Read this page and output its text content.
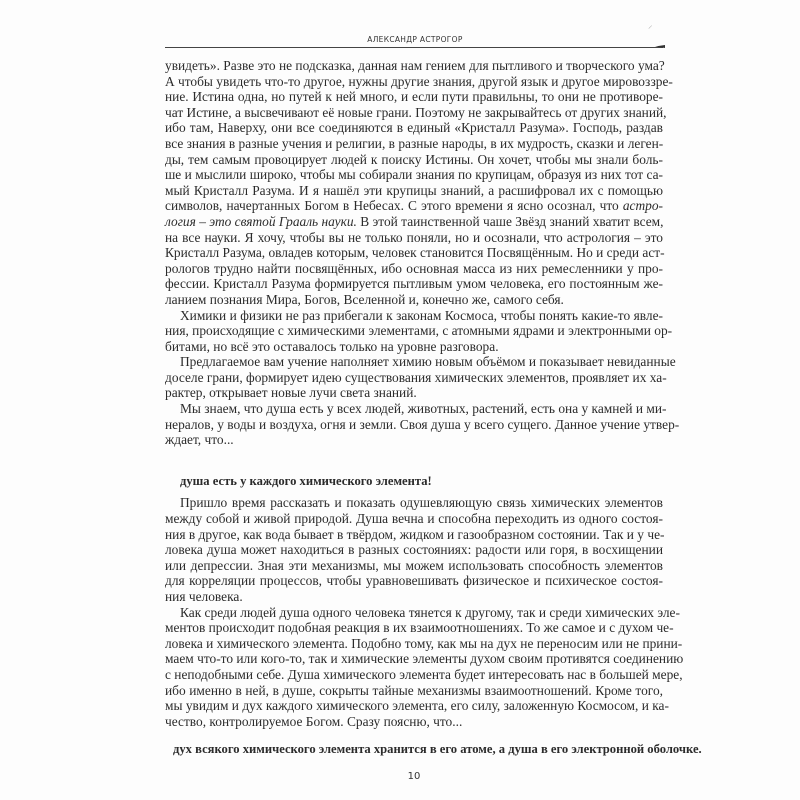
⸝
АЛЕКСАНДР АСТРОГОР
увидеть». Разве это не подсказка, данная нам гением для пытливого и творческого ума?
А чтобы увидеть что-то другое, нужны другие знания, другой язык и другое мировоззре-
ние. Истина одна, но путей к ней много, и если пути правильны, то они не противоре-
чат Истине, а высвечивают её новые грани. Поэтому не закрывайтесь от других знаний,
ибо там, Наверху, они все соединяются в единый «Кристалл Разума». Господь, раздав
все знания в разные учения и религии, в разные народы, в их мудрость, сказки и леген-
ды, тем самым провоцирует людей к поиску Истины. Он хочет, чтобы мы знали боль-
ше и мыслили широко, чтобы мы собирали знания по крупицам, образуя из них тот са-
мый Кристалл Разума. И я нашёл эти крупицы знаний, а расшифровал их с помощью
символов, начертанных Богом в Небесах. С этого времени я ясно осознал, что астро-
логия – это святой Грааль науки. В этой таинственной чаше Звёзд знаний хватит всем,
на все науки. Я хочу, чтобы вы не только поняли, но и осознали, что астрология – это
Кристалл Разума, овладев которым, человек становится Посвящённым. Но и среди аст-
рологов трудно найти посвящённых, ибо основная масса из них ремесленники у про-
фессии. Кристалл Разума формируется пытливым умом человека, его постоянным же-
ланием познания Мира, Богов, Вселенной и, конечно же, самого себя.
Химики и физики не раз прибегали к законам Космоса, чтобы понять какие-то явле-
ния, происходящие с химическими элементами, с атомными ядрами и электронными ор-
битами, но всё это оставалось только на уровне разговора.
Предлагаемое вам учение наполняет химию новым объёмом и показывает невиданные
доселе грани, формирует идею существования химических элементов, проявляет их ха-
рактер, открывает новые лучи света знаний.
Мы знаем, что душа есть у всех людей, животных, растений, есть она у камней и ми-
нералов, у воды и воздуха, огня и земли. Своя душа у всего сущего. Данное учение утвер-
ждает, что...
душа есть у каждого химического элемента!
Пришло время рассказать и показать одушевляющую связь химических элементов
между собой и живой природой. Душа вечна и способна переходить из одного состоя-
ния в другое, как вода бывает в твёрдом, жидком и газообразном состоянии. Так и у че-
ловека душа может находиться в разных состояниях: радости или горя, в восхищении
или депрессии. Зная эти механизмы, мы можем использовать способность элементов
для корреляции процессов, чтобы уравновешивать физическое и психическое состоя-
ния человека.
Как среди людей душа одного человека тянется к другому, так и среди химических эле-
ментов происходит подобная реакция в их взаимоотношениях. То же самое и с духом че-
ловека и химического элемента. Подобно тому, как мы на дух не переносим или не прини-
маем что-то или кого-то, так и химические элементы духом своим противятся соединению
с неподобными себе. Душа химического элемента будет интересовать нас в большей мере,
ибо именно в ней, в душе, сокрыты тайные механизмы взаимоотношений. Кроме того,
мы увидим и дух каждого химического элемента, его силу, заложенную Космосом, и ка-
чество, контролируемое Богом. Сразу поясню, что...
дух всякого химического элемента хранится в его атоме, а душа в его электронной оболочке.
10
